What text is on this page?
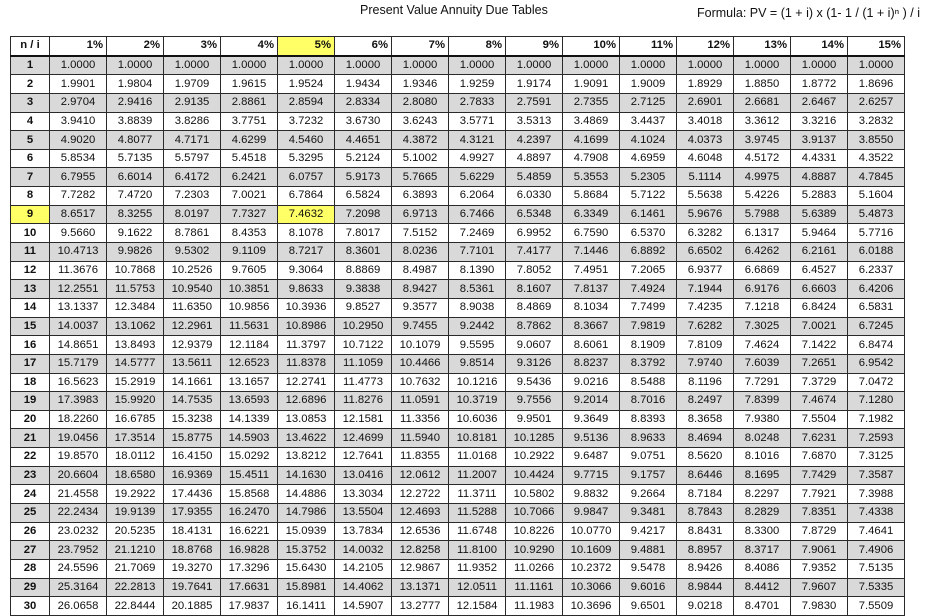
Present Value Annuity Due Tables	Formula: PV = (1 + i) x (1- 1 / (1 + i)ⁿ ) / i
n / i	1%	2%	3%	4%	5%	6%	7%	8%	9%	10%	11%	12%	13%	14%	15%
1	1.0000	1.0000	1.0000	1.0000	1.0000	1.0000	1.0000	1.0000	1.0000	1.0000	1.0000	1.0000	1.0000	1.0000	1.0000
2	1.9901	1.9804	1.9709	1.9615	1.9524	1.9434	1.9346	1.9259	1.9174	1.9091	1.9009	1.8929	1.8850	1.8772	1.8696
3	2.9704	2.9416	2.9135	2.8861	2.8594	2.8334	2.8080	2.7833	2.7591	2.7355	2.7125	2.6901	2.6681	2.6467	2.6257
4	3.9410	3.8839	3.8286	3.7751	3.7232	3.6730	3.6243	3.5771	3.5313	3.4869	3.4437	3.4018	3.3612	3.3216	3.2832
5	4.9020	4.8077	4.7171	4.6299	4.5460	4.4651	4.3872	4.3121	4.2397	4.1699	4.1024	4.0373	3.9745	3.9137	3.8550
6	5.8534	5.7135	5.5797	5.4518	5.3295	5.2124	5.1002	4.9927	4.8897	4.7908	4.6959	4.6048	4.5172	4.4331	4.3522
7	6.7955	6.6014	6.4172	6.2421	6.0757	5.9173	5.7665	5.6229	5.4859	5.3553	5.2305	5.1114	4.9975	4.8887	4.7845
8	7.7282	7.4720	7.2303	7.0021	6.7864	6.5824	6.3893	6.2064	6.0330	5.8684	5.7122	5.5638	5.4226	5.2883	5.1604
9	8.6517	8.3255	8.0197	7.7327	7.4632	7.2098	6.9713	6.7466	6.5348	6.3349	6.1461	5.9676	5.7988	5.6389	5.4873
10	9.5660	9.1622	8.7861	8.4353	8.1078	7.8017	7.5152	7.2469	6.9952	6.7590	6.5370	6.3282	6.1317	5.9464	5.7716
11	10.4713	9.9826	9.5302	9.1109	8.7217	8.3601	8.0236	7.7101	7.4177	7.1446	6.8892	6.6502	6.4262	6.2161	6.0188
12	11.3676	10.7868	10.2526	9.7605	9.3064	8.8869	8.4987	8.1390	7.8052	7.4951	7.2065	6.9377	6.6869	6.4527	6.2337
13	12.2551	11.5753	10.9540	10.3851	9.8633	9.3838	8.9427	8.5361	8.1607	7.8137	7.4924	7.1944	6.9176	6.6603	6.4206
14	13.1337	12.3484	11.6350	10.9856	10.3936	9.8527	9.3577	8.9038	8.4869	8.1034	7.7499	7.4235	7.1218	6.8424	6.5831
15	14.0037	13.1062	12.2961	11.5631	10.8986	10.2950	9.7455	9.2442	8.7862	8.3667	7.9819	7.6282	7.3025	7.0021	6.7245
16	14.8651	13.8493	12.9379	12.1184	11.3797	10.7122	10.1079	9.5595	9.0607	8.6061	8.1909	7.8109	7.4624	7.1422	6.8474
17	15.7179	14.5777	13.5611	12.6523	11.8378	11.1059	10.4466	9.8514	9.3126	8.8237	8.3792	7.9740	7.6039	7.2651	6.9542
18	16.5623	15.2919	14.1661	13.1657	12.2741	11.4773	10.7632	10.1216	9.5436	9.0216	8.5488	8.1196	7.7291	7.3729	7.0472
19	17.3983	15.9920	14.7535	13.6593	12.6896	11.8276	11.0591	10.3719	9.7556	9.2014	8.7016	8.2497	7.8399	7.4674	7.1280
20	18.2260	16.6785	15.3238	14.1339	13.0853	12.1581	11.3356	10.6036	9.9501	9.3649	8.8393	8.3658	7.9380	7.5504	7.1982
21	19.0456	17.3514	15.8775	14.5903	13.4622	12.4699	11.5940	10.8181	10.1285	9.5136	8.9633	8.4694	8.0248	7.6231	7.2593
22	19.8570	18.0112	16.4150	15.0292	13.8212	12.7641	11.8355	11.0168	10.2922	9.6487	9.0751	8.5620	8.1016	7.6870	7.3125
23	20.6604	18.6580	16.9369	15.4511	14.1630	13.0416	12.0612	11.2007	10.4424	9.7715	9.1757	8.6446	8.1695	7.7429	7.3587
24	21.4558	19.2922	17.4436	15.8568	14.4886	13.3034	12.2722	11.3711	10.5802	9.8832	9.2664	8.7184	8.2297	7.7921	7.3988
25	22.2434	19.9139	17.9355	16.2470	14.7986	13.5504	12.4693	11.5288	10.7066	9.9847	9.3481	8.7843	8.2829	7.8351	7.4338
26	23.0232	20.5235	18.4131	16.6221	15.0939	13.7834	12.6536	11.6748	10.8226	10.0770	9.4217	8.8431	8.3300	7.8729	7.4641
27	23.7952	21.1210	18.8768	16.9828	15.3752	14.0032	12.8258	11.8100	10.9290	10.1609	9.4881	8.8957	8.3717	7.9061	7.4906
28	24.5596	21.7069	19.3270	17.3296	15.6430	14.2105	12.9867	11.9352	11.0266	10.2372	9.5478	8.9426	8.4086	7.9352	7.5135
29	25.3164	22.2813	19.7641	17.6631	15.8981	14.4062	13.1371	12.0511	11.1161	10.3066	9.6016	8.9844	8.4412	7.9607	7.5335
30	26.0658	22.8444	20.1885	17.9837	16.1411	14.5907	13.2777	12.1584	11.1983	10.3696	9.6501	9.0218	8.4701	7.9830	7.5509
